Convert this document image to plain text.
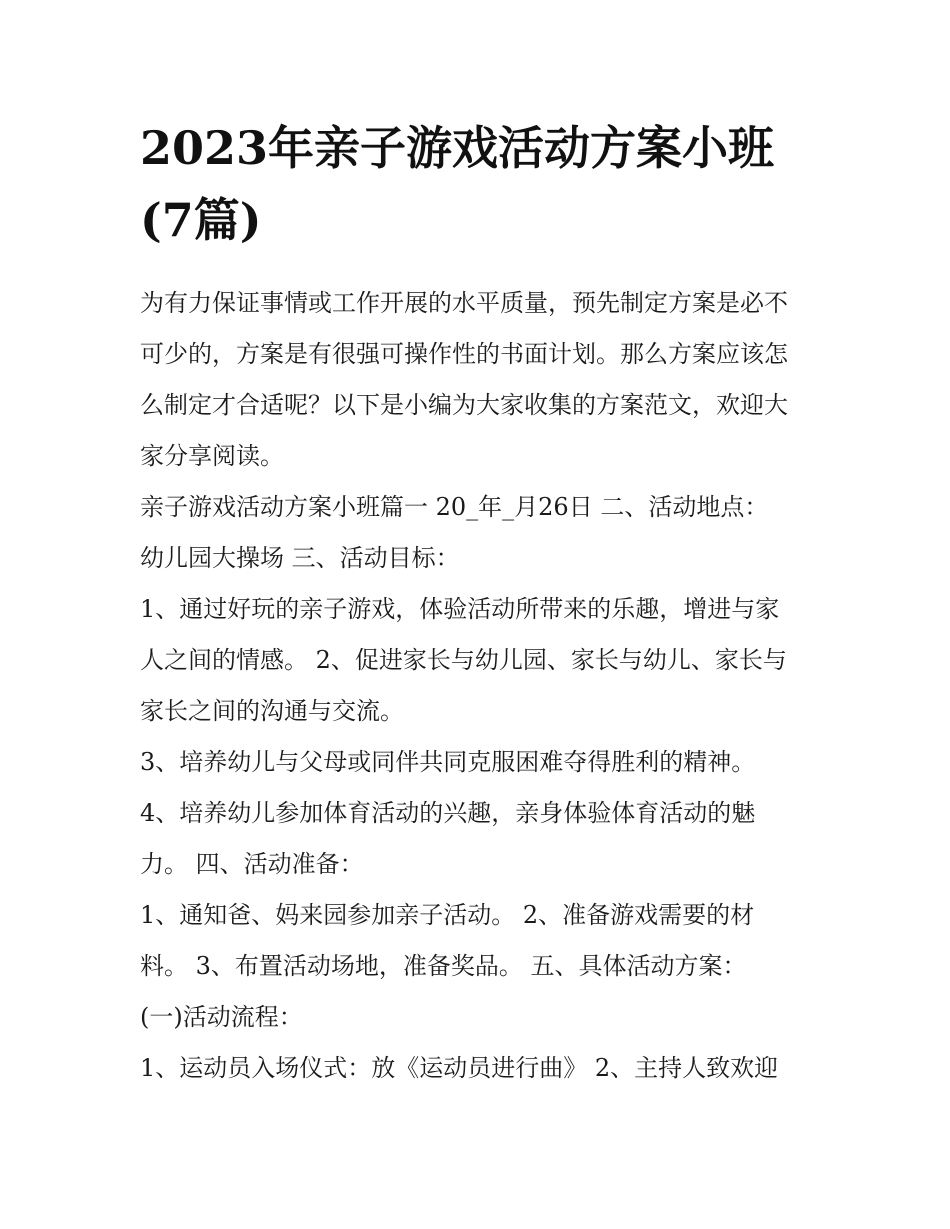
2023年亲子游戏活动方案小班
(7篇)
为有力保证事情或工作开展的水平质量，预先制定方案是必不
可少的，方案是有很强可操作性的书面计划。那么方案应该怎
么制定才合适呢？以下是小编为大家收集的方案范文，欢迎大
家分享阅读。
亲子游戏活动方案小班篇一 20_年_月26日 二、活动地点：
幼儿园大操场 三、活动目标：
1、通过好玩的亲子游戏，体验活动所带来的乐趣，增进与家
人之间的情感。 2、促进家长与幼儿园、家长与幼儿、家长与
家长之间的沟通与交流。
3、培养幼儿与父母或同伴共同克服困难夺得胜利的精神。
4、培养幼儿参加体育活动的兴趣，亲身体验体育活动的魅
力。 四、活动准备：
1、通知爸、妈来园参加亲子活动。 2、准备游戏需要的材
料。 3、布置活动场地，准备奖品。 五、具体活动方案：
(一)活动流程：
1、运动员入场仪式：放《运动员进行曲》 2、主持人致欢迎
